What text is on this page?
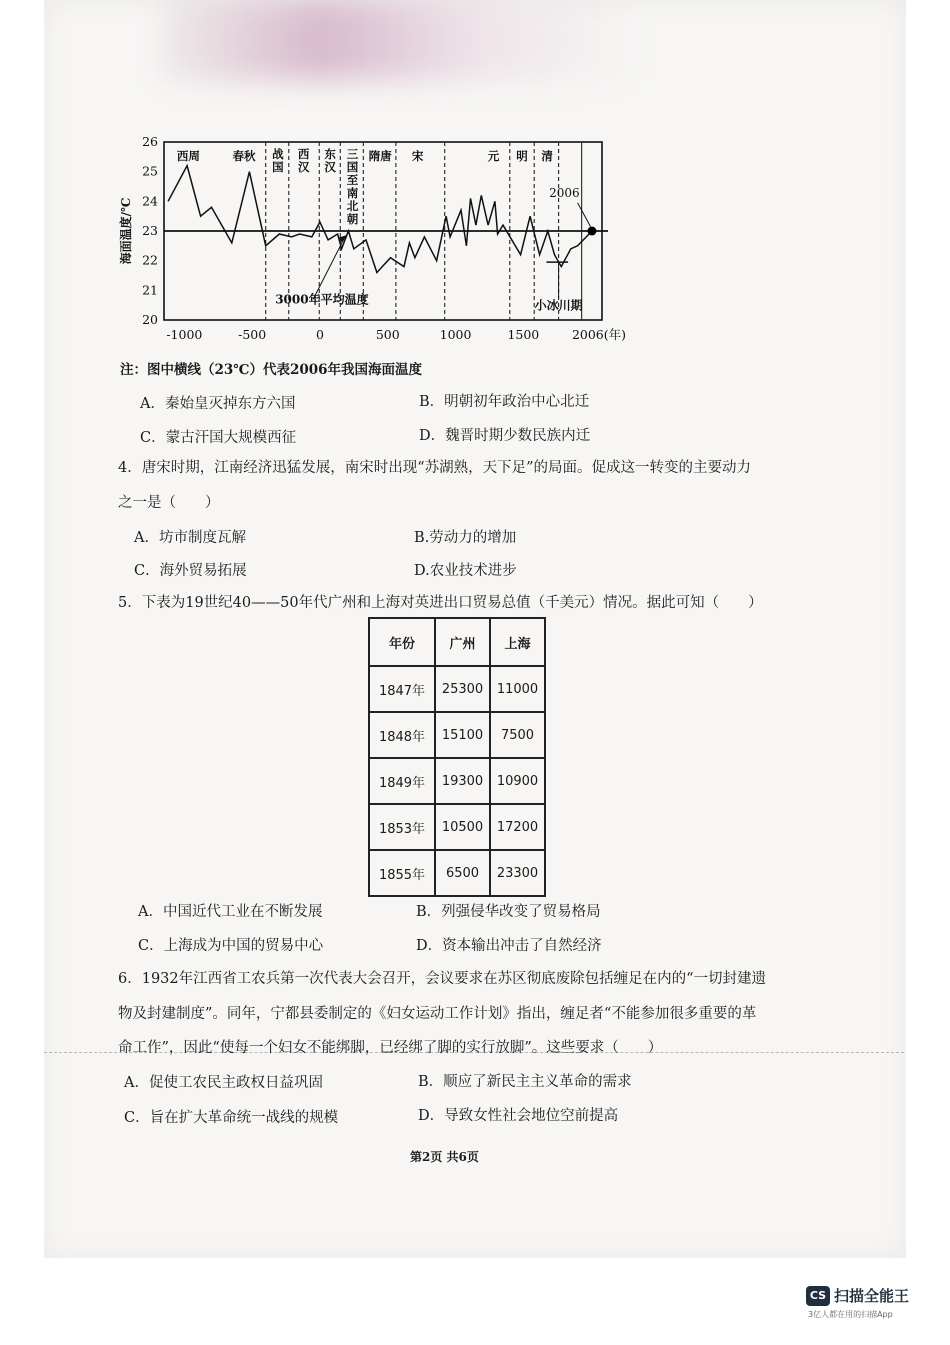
26
25
24
23
22
21
20
海面温度/℃
-1000	-500	0	500	1000	1500	2006(年)
西周	春秋 战
国
西
汉
东
汉
三
国
至
南
北
朝
隋唐 宋	元 明 清
3000年平均温度
2006
小冰川期
注：图中横线（23℃）代表2006年我国海面温度
A．秦始皇灭掉东方六国	B．明朝初年政治中心北迁
C．蒙古汗国大规模西征	D．魏晋时期少数民族内迁
4．唐宋时期，江南经济迅猛发展，南宋时出现“苏湖熟，天下足”的局面。促成这一转变的主要动力
之一是（　　）
A．坊市制度瓦解	B.劳动力的增加
C．海外贸易拓展	D.农业技术进步
5．下表为19世纪40——50年代广州和上海对英进出口贸易总值（千美元）情况。据此可知（　　）
年份	广州	上海
1847年	25300	11000
1848年	15100	7500
1849年	19300	10900
1853年	10500	17200
1855年	6500	23300
A．中国近代工业在不断发展	B．列强侵华改变了贸易格局
C．上海成为中国的贸易中心	D．资本输出冲击了自然经济
6．1932年江西省工农兵第一次代表大会召开，会议要求在苏区彻底废除包括缠足在内的“一切封建遗
物及封建制度”。同年，宁都县委制定的《妇女运动工作计划》指出，缠足者“不能参加很多重要的革
命工作”，因此“使每一个妇女不能绑脚，已经绑了脚的实行放脚”。这些要求（　　）
A．促使工农民主政权日益巩固	B．顺应了新民主主义革命的需求
C．旨在扩大革命统一战线的规模	D．导致女性社会地位空前提高
第2页 共6页
CS 扫描全能王
3亿人都在用的扫描App
